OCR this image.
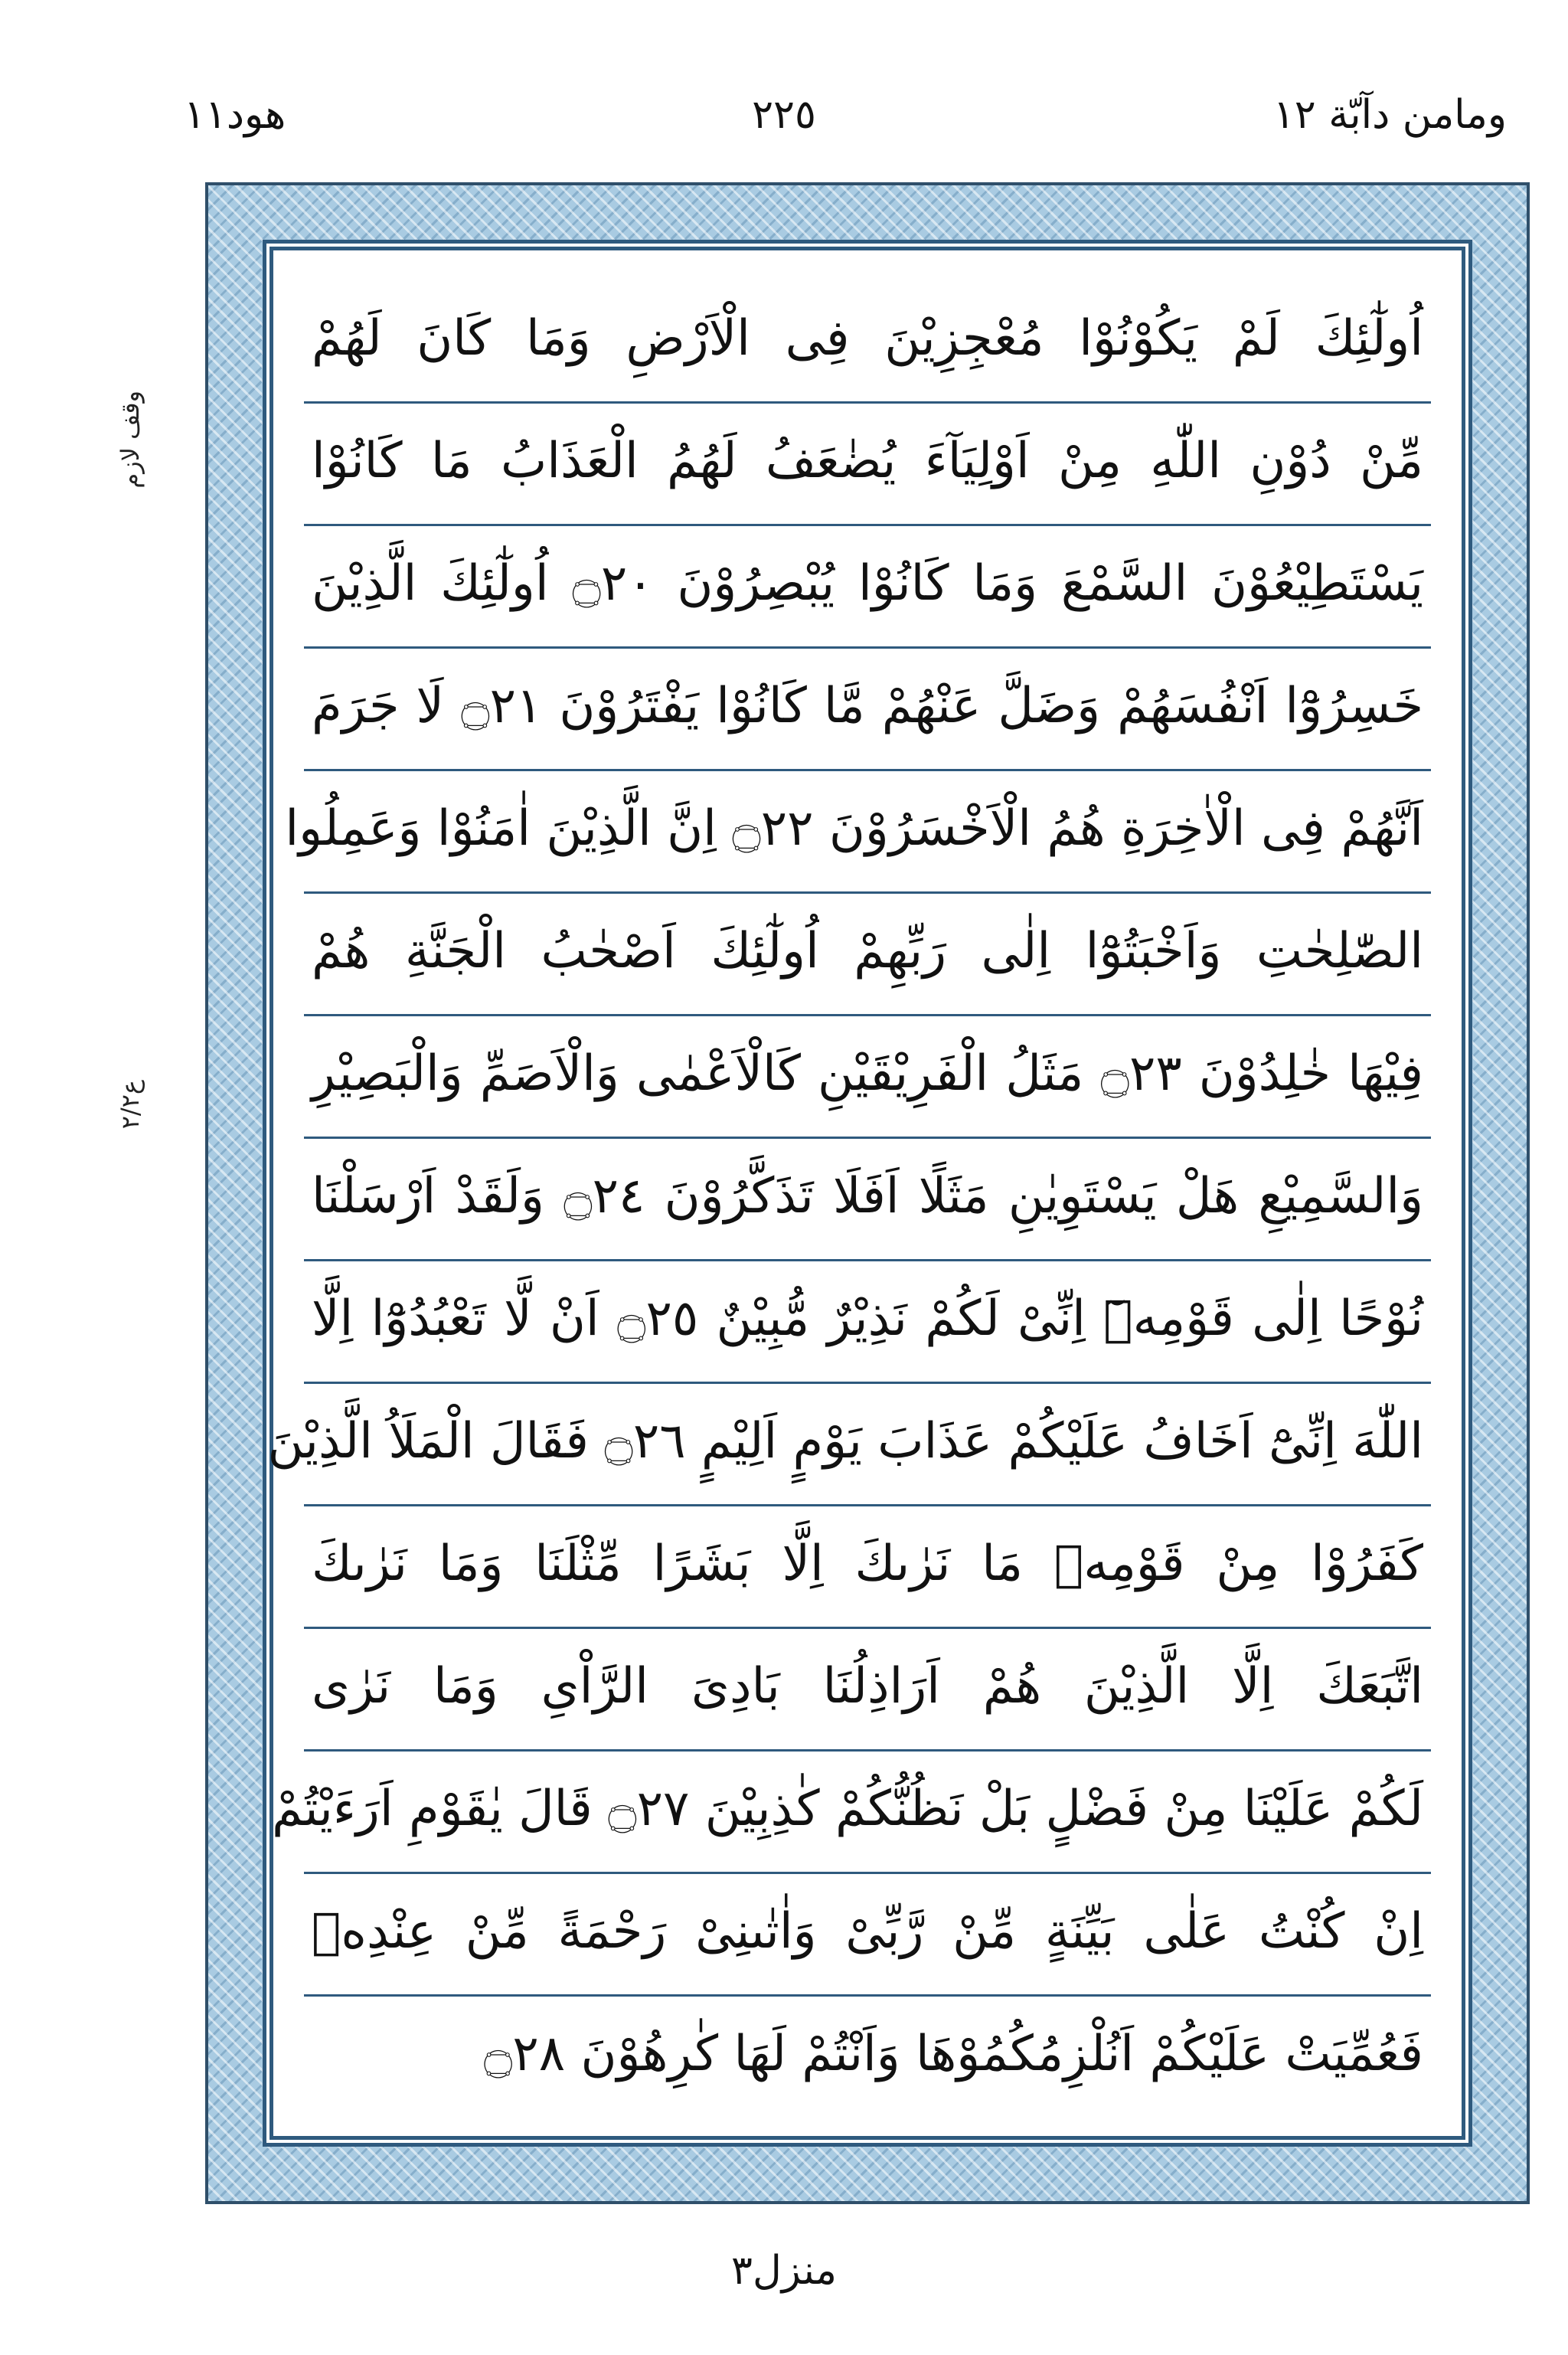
ومامن دآبّة ١٢
٢٢٥
هود١١
وقف لازم
ع٢/٢
اُولٰٓئِكَ لَمْ يَكُوْنُوْا مُعْجِزِيْنَ فِى الْاَرْضِ وَمَا كَانَ لَهُمْ
مِّنْ دُوْنِ اللّٰهِ مِنْ اَوْلِيَآءَ يُضٰعَفُ لَهُمُ الْعَذَابُ مَا كَانُوْا
يَسْتَطِيْعُوْنَ السَّمْعَ وَمَا كَانُوْا يُبْصِرُوْنَ ۝٢٠ اُولٰٓئِكَ الَّذِيْنَ
خَسِرُوْٓا اَنْفُسَهُمْ وَضَلَّ عَنْهُمْ مَّا كَانُوْا يَفْتَرُوْنَ ۝٢١ لَا جَرَمَ
اَنَّهُمْ فِى الْاٰخِرَةِ هُمُ الْاَخْسَرُوْنَ ۝٢٢ اِنَّ الَّذِيْنَ اٰمَنُوْا وَعَمِلُوا
الصّٰلِحٰتِ وَاَخْبَتُوْٓا اِلٰى رَبِّهِمْ اُولٰٓئِكَ اَصْحٰبُ الْجَنَّةِ هُمْ
فِيْهَا خٰلِدُوْنَ ۝٢٣ مَثَلُ الْفَرِيْقَيْنِ كَالْاَعْمٰى وَالْاَصَمِّ وَالْبَصِيْرِ
وَالسَّمِيْعِ هَلْ يَسْتَوِيٰنِ مَثَلًا اَفَلَا تَذَكَّرُوْنَ ۝٢٤ وَلَقَدْ اَرْسَلْنَا
نُوْحًا اِلٰى قَوْمِهٖٓ اِنِّىْ لَكُمْ نَذِيْرٌ مُّبِيْنٌ ۝٢٥ اَنْ لَّا تَعْبُدُوْٓا اِلَّا
اللّٰهَ اِنِّىْٓ اَخَافُ عَلَيْكُمْ عَذَابَ يَوْمٍ اَلِيْمٍ ۝٢٦ فَقَالَ الْمَلَاُ الَّذِيْنَ
كَفَرُوْا مِنْ قَوْمِهٖ مَا نَرٰىكَ اِلَّا بَشَرًا مِّثْلَنَا وَمَا نَرٰىكَ
اتَّبَعَكَ اِلَّا الَّذِيْنَ هُمْ اَرَاذِلُنَا بَادِىَ الرَّاْىِ وَمَا نَرٰى
لَكُمْ عَلَيْنَا مِنْ فَضْلٍ بَلْ نَظُنُّكُمْ كٰذِبِيْنَ ۝٢٧ قَالَ يٰقَوْمِ اَرَءَيْتُمْ
اِنْ كُنْتُ عَلٰى بَيِّنَةٍ مِّنْ رَّبِّىْ وَاٰتٰىنِىْ رَحْمَةً مِّنْ عِنْدِهٖ
فَعُمِّيَتْ عَلَيْكُمْ اَنُلْزِمُكُمُوْهَا وَاَنْتُمْ لَهَا كٰرِهُوْنَ ۝٢٨
منزل٣
